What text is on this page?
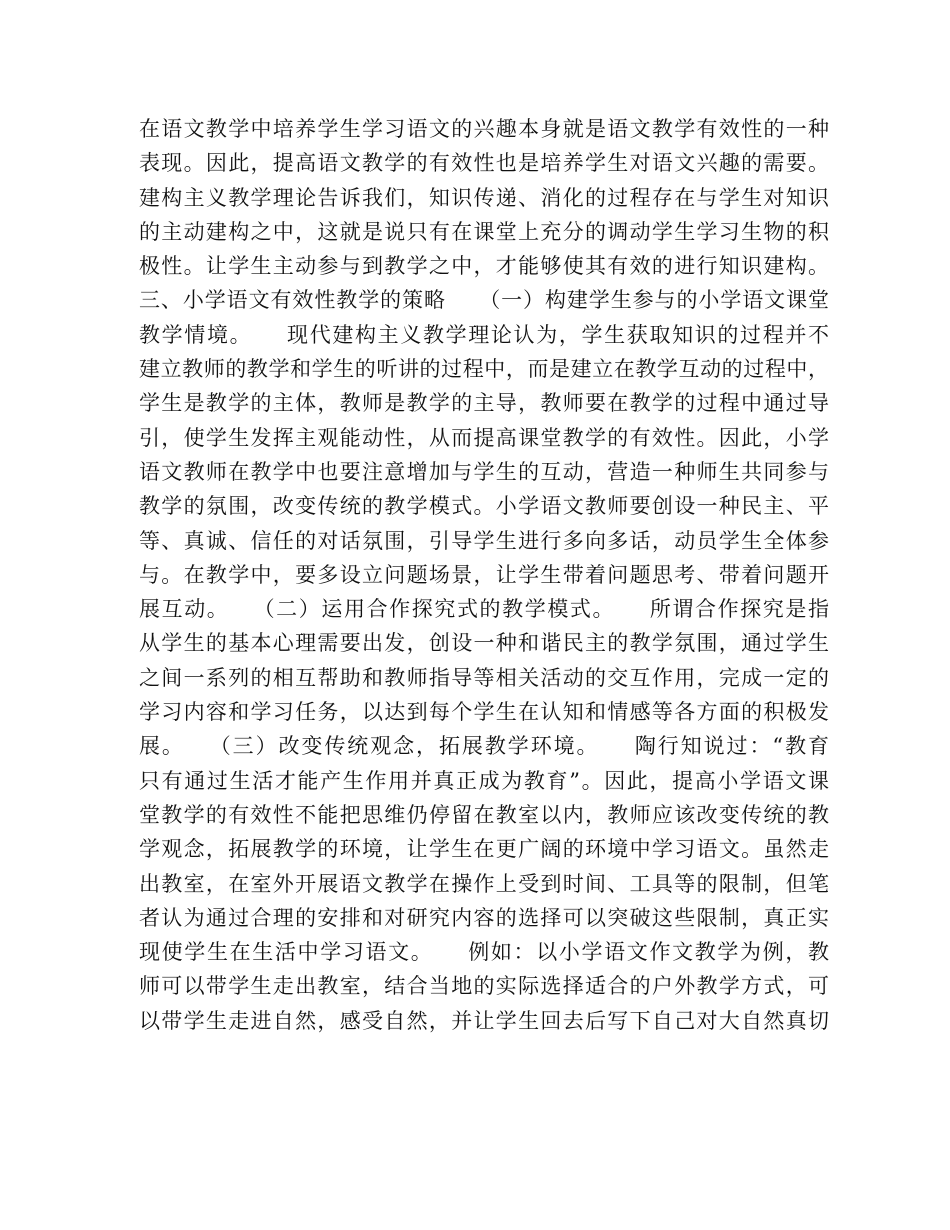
在语文教学中培养学生学习语文的兴趣本身就是语文教学有效性的一种
表现。因此，提高语文教学的有效性也是培养学生对语文兴趣的需要。
建构主义教学理论告诉我们，知识传递、消化的过程存在与学生对知识
的主动建构之中，这就是说只有在课堂上充分的调动学生学习生物的积
极性。让学生主动参与到教学之中，才能够使其有效的进行知识建构。
三、小学语文有效性教学的策略　　（一）构建学生参与的小学语文课堂
教学情境。　　现代建构主义教学理论认为，学生获取知识的过程并不
建立教师的教学和学生的听讲的过程中，而是建立在教学互动的过程中，
学生是教学的主体，教师是教学的主导，教师要在教学的过程中通过导
引，使学生发挥主观能动性，从而提高课堂教学的有效性。因此，小学
语文教师在教学中也要注意增加与学生的互动，营造一种师生共同参与
教学的氛围，改变传统的教学模式。小学语文教师要创设一种民主、平
等、真诚、信任的对话氛围，引导学生进行多向多话，动员学生全体参
与。在教学中，要多设立问题场景，让学生带着问题思考、带着问题开
展互动。　　（二）运用合作探究式的教学模式。　　所谓合作探究是指
从学生的基本心理需要出发，创设一种和谐民主的教学氛围，通过学生
之间一系列的相互帮助和教师指导等相关活动的交互作用，完成一定的
学习内容和学习任务，以达到每个学生在认知和情感等各方面的积极发
展。　　（三）改变传统观念，拓展教学环境。　　陶行知说过：“教育
只有通过生活才能产生作用并真正成为教育”。因此，提高小学语文课
堂教学的有效性不能把思维仍停留在教室以内，教师应该改变传统的教
学观念，拓展教学的环境，让学生在更广阔的环境中学习语文。虽然走
出教室，在室外开展语文教学在操作上受到时间、工具等的限制，但笔
者认为通过合理的安排和对研究内容的选择可以突破这些限制，真正实
现使学生在生活中学习语文。　　例如：以小学语文作文教学为例，教
师可以带学生走出教室，结合当地的实际选择适合的户外教学方式，可
以带学生走进自然，感受自然，并让学生回去后写下自己对大自然真切
